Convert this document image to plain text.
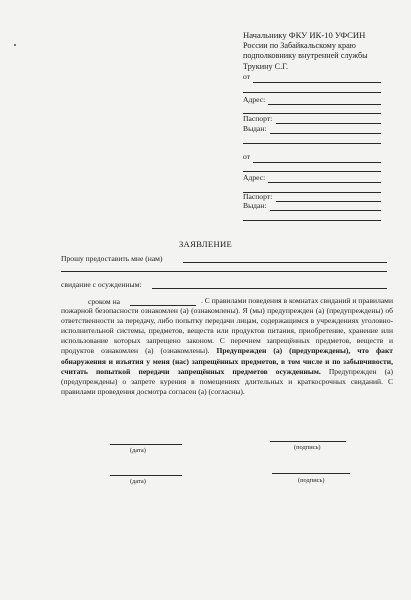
Начальнику ФКУ ИК-10 УФСИН
России по Забайкальскому краю
подполковнику внутренней службы
Трукину С.Г.
от
Адрес:
Паспорт:
Выдан:
от
Адрес:
Паспорт:
Выдан:
ЗАЯВЛЕНИЕ
Прошу предоставить мне (нам)
свидание с осужденным:
сроком на	. С правилами поведения в комнатах свиданий и правилами пожарной безопасности ознакомлен (а) (ознакомлены). Я (мы) предупрежден (а) (предупреждены) об ответственности за передачу, либо попытку передачи лицам, содержащимся в учреждениях уголовно-исполнительной системы, предметов, веществ или продуктов питания, приобретение, хранение или использование которых запрещено законом. С перечнем запрещённых предметов, веществ и продуктов ознакомлен (а) (ознакомлены). Предупрежден (а) (предупреждены), что факт обнаружения и изъятия у меня (нас) запрещённых предметов, в том числе и по забывчивости, считать попыткой передачи запрещённых предметов осужденным. Предупрежден (а) (предупреждены) о запрете курения в помещениях длительных и краткосрочных свиданий. С правилами проведения досмотра согласен (а) (согласны).
(дата)	(подпись)
(дата)	(подпись)
